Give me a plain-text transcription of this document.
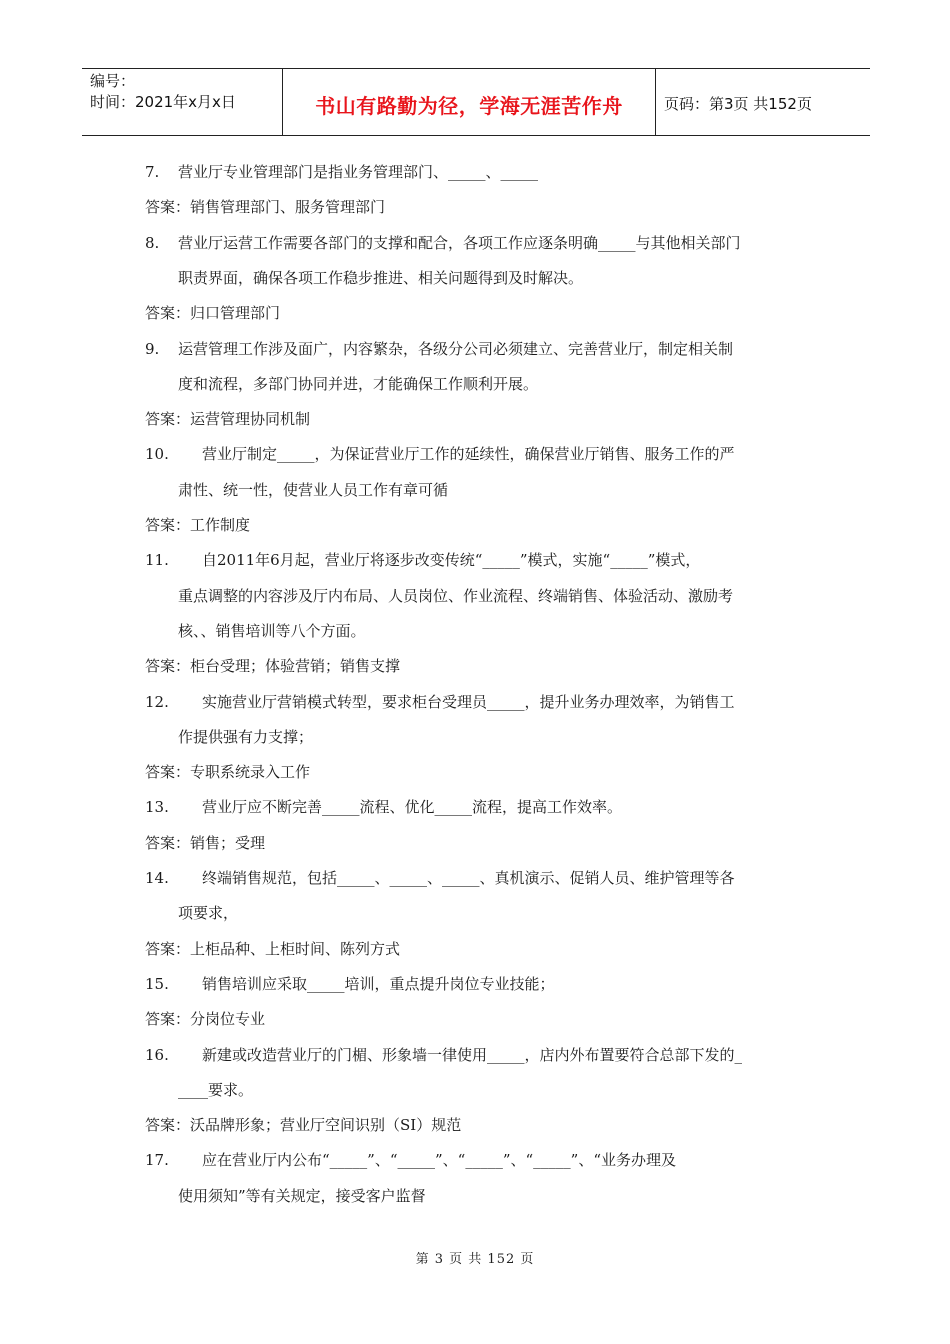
编号：
时间：2021年x月x日	书山有路勤为径，学海无涯苦作舟	页码：第3页 共152页
7. 营业厅专业管理部门是指业务管理部门、_____、_____
答案：销售管理部门、服务管理部门
8. 营业厅运营工作需要各部门的支撑和配合，各项工作应逐条明确_____与其他相关部门
职责界面，确保各项工作稳步推进、相关问题得到及时解决。
答案：归口管理部门
9. 运营管理工作涉及面广，内容繁杂，各级分公司必须建立、完善营业厅，制定相关制
度和流程，多部门协同并进，才能确保工作顺利开展。
答案：运营管理协同机制
10. 营业厅制定_____，为保证营业厅工作的延续性，确保营业厅销售、服务工作的严
肃性、统一性，使营业人员工作有章可循
答案：工作制度
11. 自2011年6月起，营业厅将逐步改变传统“_____”模式，实施“_____”模式，
重点调整的内容涉及厅内布局、人员岗位、作业流程、终端销售、体验活动、激励考
核、、销售培训等八个方面。
答案：柜台受理；体验营销；销售支撑
12. 实施营业厅营销模式转型，要求柜台受理员_____，提升业务办理效率，为销售工
作提供强有力支撑；
答案：专职系统录入工作
13. 营业厅应不断完善_____流程、优化_____流程，提高工作效率。
答案：销售；受理
14. 终端销售规范，包括_____、_____、_____、真机演示、促销人员、维护管理等各
项要求，
答案：上柜品种、上柜时间、陈列方式
15. 销售培训应采取_____培训，重点提升岗位专业技能；
答案：分岗位专业
16. 新建或改造营业厅的门楣、形象墙一律使用_____，店内外布置要符合总部下发的_
____要求。
答案：沃品牌形象；营业厅空间识别（SI）规范
17. 应在营业厅内公布“_____”、“_____”、“_____”、“_____”、“业务办理及
使用须知”等有关规定，接受客户监督
第 3 页 共 152 页
